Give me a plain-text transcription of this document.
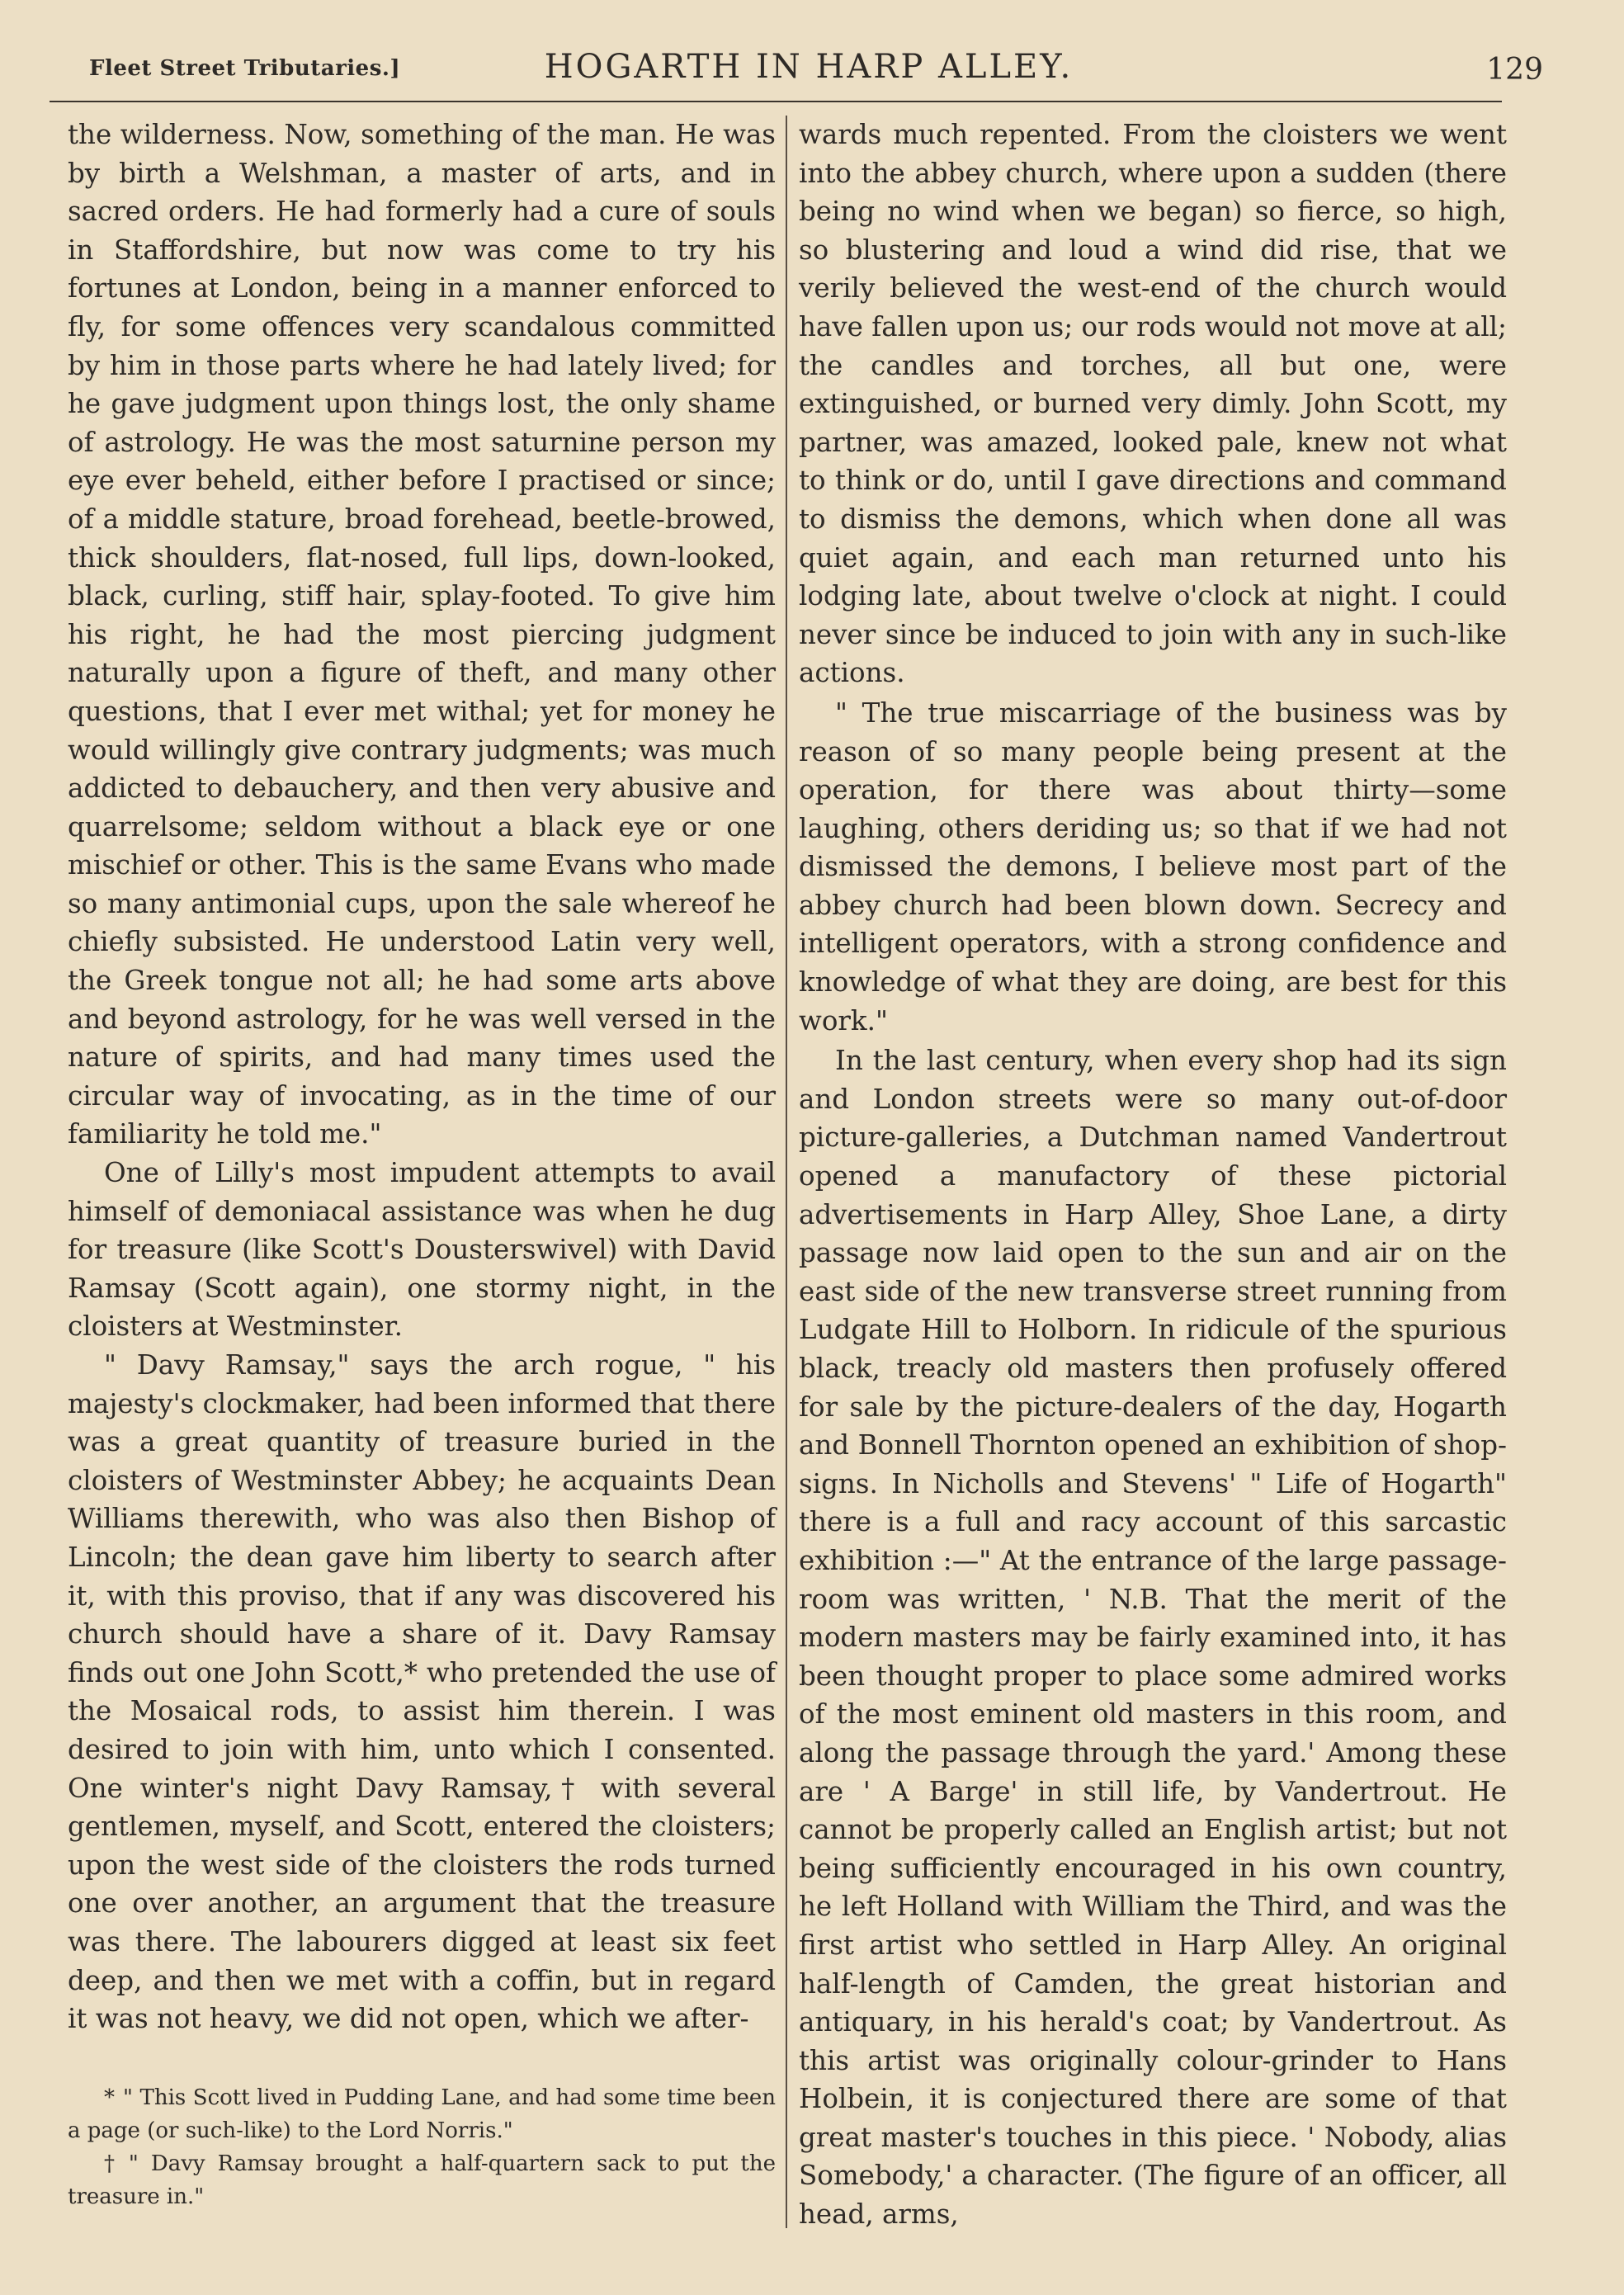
Fleet Street Tributaries.]	HOGARTH IN HARP ALLEY.	129

the wilderness. Now, something of the man. He was by birth a Welshman, a master of arts, and in sacred orders. He had formerly had a cure of souls in Staffordshire, but now was come to try his fortunes at London, being in a manner enforced to fly, for some offences very scandalous committed by him in those parts where he had lately lived; for he gave judgment upon things lost, the only shame of astrology. He was the most saturnine person my eye ever beheld, either before I practised or since; of a middle stature, broad forehead, beetle-browed, thick shoulders, flat-nosed, full lips, down-looked, black, curling, stiff hair, splay-footed. To give him his right, he had the most piercing judgment naturally upon a figure of theft, and many other questions, that I ever met withal; yet for money he would willingly give contrary judgments; was much addicted to debauchery, and then very abusive and quarrelsome; seldom without a black eye or one mischief or other. This is the same Evans who made so many antimonial cups, upon the sale whereof he chiefly subsisted. He understood Latin very well, the Greek tongue not all; he had some arts above and beyond astrology, for he was well versed in the nature of spirits, and had many times used the circular way of invocating, as in the time of our familiarity he told me."

One of Lilly's most impudent attempts to avail himself of demoniacal assistance was when he dug for treasure (like Scott's Dousterswivel) with David Ramsay (Scott again), one stormy night, in the cloisters at Westminster.

" Davy Ramsay," says the arch rogue, " his majesty's clockmaker, had been informed that there was a great quantity of treasure buried in the cloisters of Westminster Abbey; he acquaints Dean Williams therewith, who was also then Bishop of Lincoln; the dean gave him liberty to search after it, with this proviso, that if any was discovered his church should have a share of it. Davy Ramsay finds out one John Scott,* who pretended the use of the Mosaical rods, to assist him therein. I was desired to join with him, unto which I consented. One winter's night Davy Ramsay,† with several gentlemen, myself, and Scott, entered the cloisters; upon the west side of the cloisters the rods turned one over another, an argument that the treasure was there. The labourers digged at least six feet deep, and then we met with a coffin, but in regard it was not heavy, we did not open, which we after-

* " This Scott lived in Pudding Lane, and had some time been a page (or such-like) to the Lord Norris."

† " Davy Ramsay brought a half-quartern sack to put the treasure in."

wards much repented. From the cloisters we went into the abbey church, where upon a sudden (there being no wind when we began) so fierce, so high, so blustering and loud a wind did rise, that we verily believed the west-end of the church would have fallen upon us; our rods would not move at all; the candles and torches, all but one, were extinguished, or burned very dimly. John Scott, my partner, was amazed, looked pale, knew not what to think or do, until I gave directions and command to dismiss the demons, which when done all was quiet again, and each man returned unto his lodging late, about twelve o'clock at night. I could never since be induced to join with any in such-like actions.

" The true miscarriage of the business was by reason of so many people being present at the operation, for there was about thirty—some laughing, others deriding us; so that if we had not dismissed the demons, I believe most part of the abbey church had been blown down. Secrecy and intelligent operators, with a strong confidence and knowledge of what they are doing, are best for this work."

In the last century, when every shop had its sign and London streets were so many out-of-door picture-galleries, a Dutchman named Vandertrout opened a manufactory of these pictorial advertisements in Harp Alley, Shoe Lane, a dirty passage now laid open to the sun and air on the east side of the new transverse street running from Ludgate Hill to Holborn. In ridicule of the spurious black, treacly old masters then profusely offered for sale by the picture-dealers of the day, Hogarth and Bonnell Thornton opened an exhibition of shop-signs. In Nicholls and Stevens' " Life of Hogarth" there is a full and racy account of this sarcastic exhibition :—" At the entrance of the large passage-room was written, ' N.B. That the merit of the modern masters may be fairly examined into, it has been thought proper to place some admired works of the most eminent old masters in this room, and along the passage through the yard.' Among these are ' A Barge' in still life, by Vandertrout. He cannot be properly called an English artist; but not being sufficiently encouraged in his own country, he left Holland with William the Third, and was the first artist who settled in Harp Alley. An original half-length of Camden, the great historian and antiquary, in his herald's coat; by Vandertrout. As this artist was originally colour-grinder to Hans Holbein, it is conjectured there are some of that great master's touches in this piece. ' Nobody, alias Somebody,' a character. (The figure of an officer, all head, arms,
